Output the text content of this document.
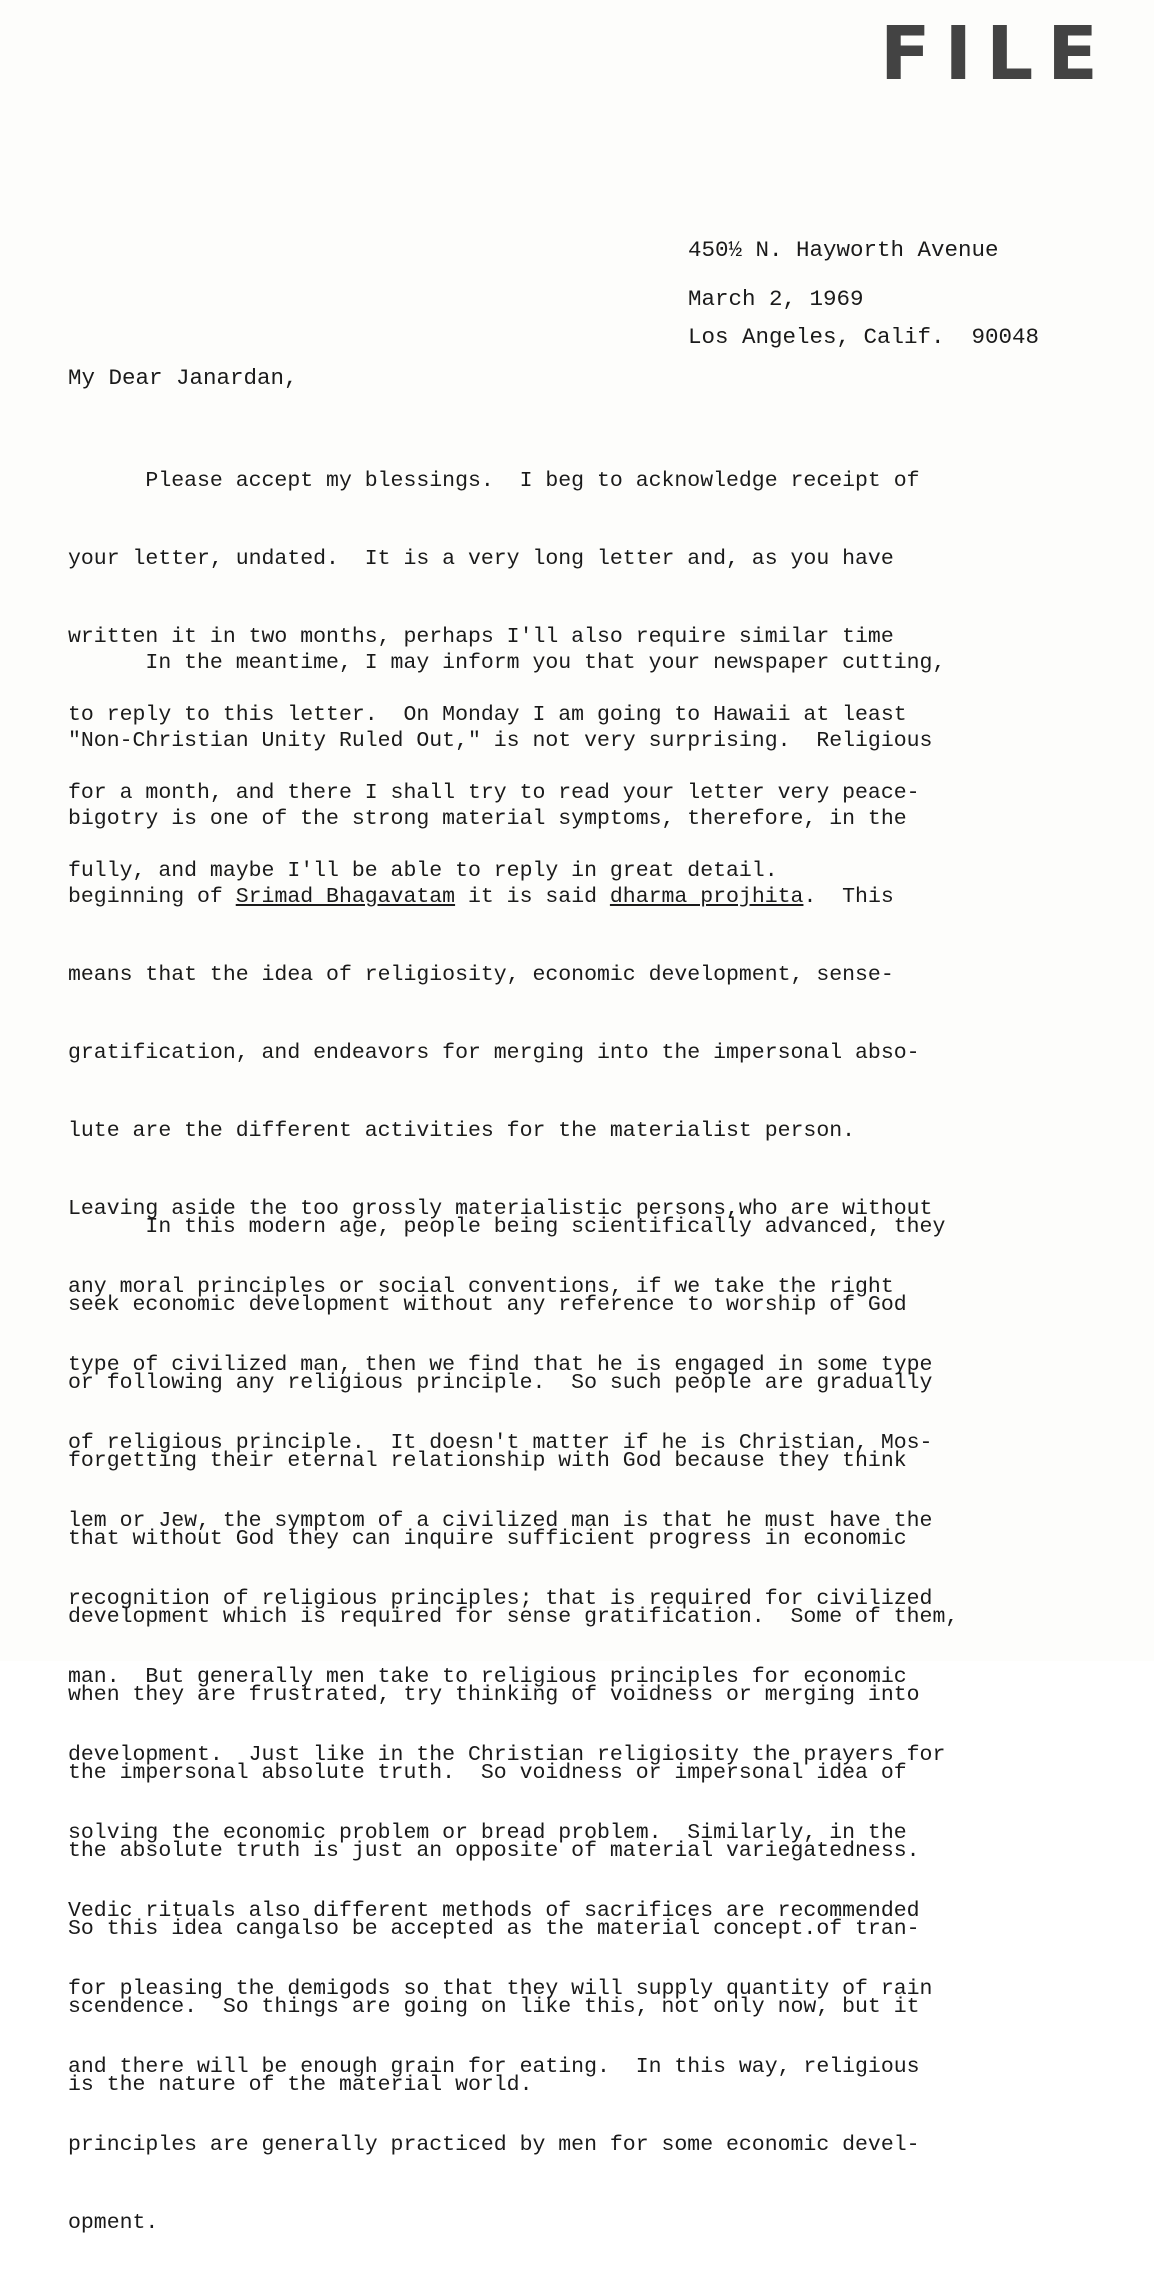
FILE

450½ N. Hayworth Avenue

Los Angeles, Calif.  90048

March 2, 1969
My Dear Janardan,

Please accept my blessings.  I beg to acknowledge receipt of

your letter, undated.  It is a very long letter and, as you have

written it in two months, perhaps I'll also require similar time

to reply to this letter.  On Monday I am going to Hawaii at least

for a month, and there I shall try to read your letter very peace-

fully, and maybe I'll be able to reply in great detail.

In the meantime, I may inform you that your newspaper cutting,

"Non-Christian Unity Ruled Out," is not very surprising.  Religious

bigotry is one of the strong material symptoms, therefore, in the

beginning of Srimad Bhagavatam it is said dharma projhita.  This

means that the idea of religiosity, economic development, sense-

gratification, and endeavors for merging into the impersonal abso-

lute are the different activities for the materialist person.

Leaving aside the too grossly materialistic persons,who are without

any moral principles or social conventions, if we take the right

type of civilized man, then we find that he is engaged in some type

of religious principle.  It doesn't matter if he is Christian, Mos-

lem or Jew, the symptom of a civilized man is that he must have the

recognition of religious principles; that is required for civilized

man.  But generally men take to religious principles for economic

development.  Just like in the Christian religiosity the prayers for

solving the economic problem or bread problem.  Similarly, in the

Vedic rituals also different methods of sacrifices are recommended

for pleasing the demigods so that they will supply quantity of rain

and there will be enough grain for eating.  In this way, religious

principles are generally practiced by men for some economic devel-

opment.

In this modern age, people being scientifically advanced, they

seek economic development without any reference to worship of God

or following any religious principle.  So such people are gradually

forgetting their eternal relationship with God because they think

that without God they can inquire sufficient progress in economic

development which is required for sense gratification.  Some of them,

when they are frustrated, try thinking of voidness or merging into

the impersonal absolute truth.  So voidness or impersonal idea of

the absolute truth is just an opposite of material variegatedness.

So this idea cangalso be accepted as the material concept.of tran-

scendence.  So things are going on like this, not only now, but it

is the nature of the material world.
